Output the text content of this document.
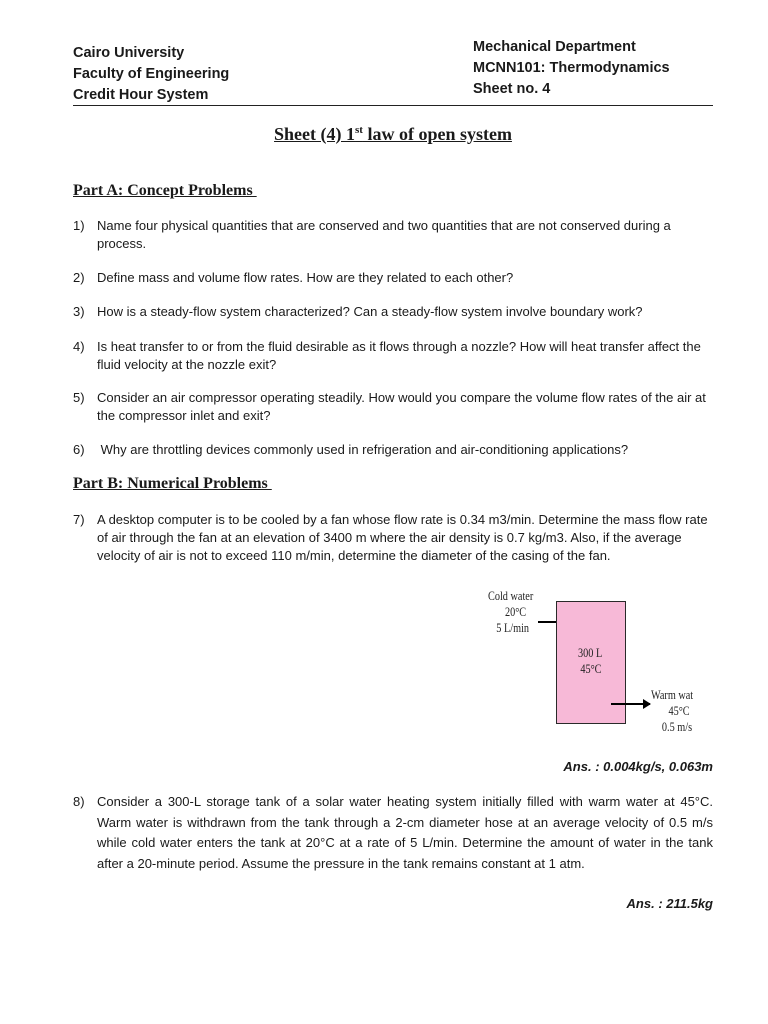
Cairo University
Faculty of Engineering
Credit Hour System
Mechanical Department
MCNN101: Thermodynamics
Sheet no. 4
Sheet (4) 1st law of open system
Part A: Concept Problems
1) Name four physical quantities that are conserved and two quantities that are not conserved during a process.
2) Define mass and volume flow rates. How are they related to each other?
3) How is a steady-flow system characterized? Can a steady-flow system involve boundary work?
4) Is heat transfer to or from the fluid desirable as it flows through a nozzle? How will heat transfer affect the fluid velocity at the nozzle exit?
5) Consider an air compressor operating steadily. How would you compare the volume flow rates of the air at the compressor inlet and exit?
6) Why are throttling devices commonly used in refrigeration and air-conditioning applications?
Part B: Numerical Problems
7) A desktop computer is to be cooled by a fan whose flow rate is 0.34 m3/min. Determine the mass flow rate of air through the fan at an elevation of 3400 m where the air density is 0.7 kg/m3. Also, if the average velocity of air is not to exceed 110 m/min, determine the diameter of the casing of the fan.
Cold water
20°C
5 L/min
300 L
45°C
Warm wat
45°C
0.5 m/s
Ans. : 0.004kg/s, 0.063m
8) Consider a 300-L storage tank of a solar water heating system initially filled with warm water at 45°C. Warm water is withdrawn from the tank through a 2-cm diameter hose at an average velocity of 0.5 m/s while cold water enters the tank at 20°C at a rate of 5 L/min. Determine the amount of water in the tank after a 20-minute period. Assume the pressure in the tank remains constant at 1 atm.
Ans. : 211.5kg
